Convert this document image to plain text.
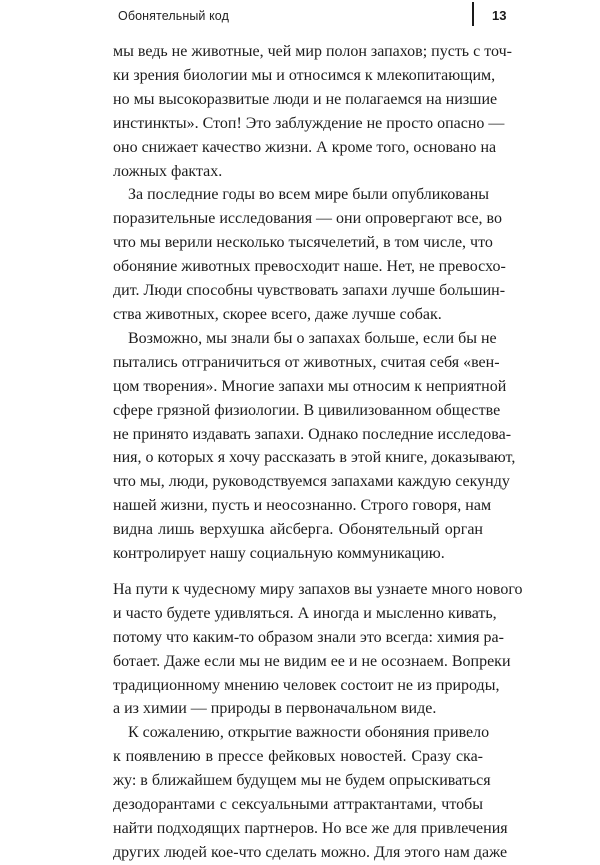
Обонятельный код	13
мы ведь не животные, чей мир полон запахов; пусть с точ-
ки зрения биологии мы и относимся к млекопитающим,
но мы высокоразвитые люди и не полагаемся на низшие
инстинкты». Стоп! Это заблуждение не просто опасно —
оно снижает качество жизни. А кроме того, основано на
ложных фактах.
За последние годы во всем мире были опубликованы
поразительные исследования — они опровергают все, во
что мы верили несколько тысячелетий, в том числе, что
обоняние животных превосходит наше. Нет, не превосхо-
дит. Люди способны чувствовать запахи лучше большин-
ства животных, скорее всего, даже лучше собак.
Возможно, мы знали бы о запахах больше, если бы не
пытались отграничиться от животных, считая себя «вен-
цом творения». Многие запахи мы относим к неприятной
сфере грязной физиологии. В цивилизованном обществе
не принято издавать запахи. Однако последние исследова-
ния, о которых я хочу рассказать в этой книге, доказывают,
что мы, люди, руководствуемся запахами каждую секунду
нашей жизни, пусть и неосознанно. Строго говоря, нам
видна лишь верхушка айсберга. Обонятельный орган
контролирует нашу социальную коммуникацию.
На пути к чудесному миру запахов вы узнаете много нового
и часто будете удивляться. А иногда и мысленно кивать,
потому что каким-то образом знали это всегда: химия ра-
ботает. Даже если мы не видим ее и не осознаем. Вопреки
традиционному мнению человек состоит не из природы,
а из химии — природы в первоначальном виде.
К сожалению, открытие важности обоняния привело
к появлению в прессе фейковых новостей. Сразу ска-
жу: в ближайшем будущем мы не будем опрыскиваться
дезодорантами с сексуальными аттрактантами, чтобы
найти подходящих партнеров. Но все же для привлечения
других людей кое-что сделать можно. Для этого нам даже
